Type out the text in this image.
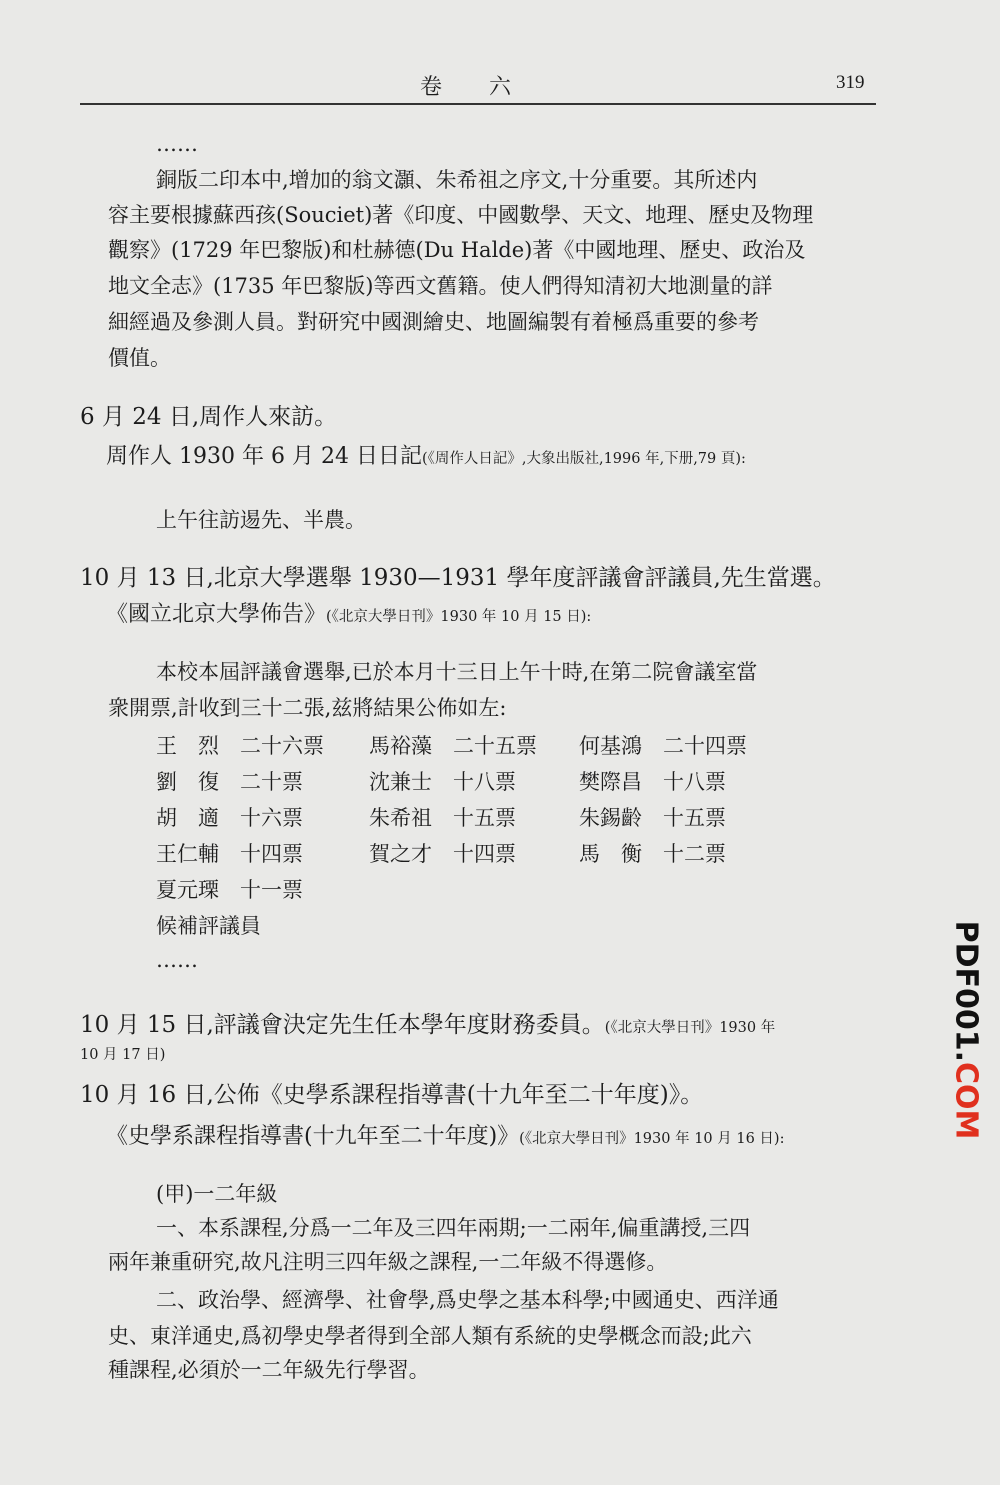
卷 六	319
……
銅版二印本中,增加的翁文灝、朱希祖之序文,十分重要。其所述内
容主要根據蘇西孩(Souciet)著《印度、中國數學、天文、地理、歷史及物理
觀察》(1729 年巴黎版)和杜赫德(Du Halde)著《中國地理、歷史、政治及
地文全志》(1735 年巴黎版)等西文舊籍。使人們得知清初大地測量的詳
細經過及參測人員。對研究中國測繪史、地圖編製有着極爲重要的參考
價值。
6 月 24 日,周作人來訪。
周作人 1930 年 6 月 24 日日記(《周作人日記》,大象出版社,1996 年,下册,79 頁):
上午往訪逷先、半農。
10 月 13 日,北京大學選舉 1930—1931 學年度評議會評議員,先生當選。
《國立北京大學佈告》(《北京大學日刊》1930 年 10 月 15 日):
本校本屆評議會選舉,已於本月十三日上午十時,在第二院會議室當
衆開票,計收到三十二張,兹將結果公佈如左:
王　烈　二十六票 馬裕藻　二十五票 何基鴻　二十四票
劉　復　二十票	沈兼士　十八票	樊際昌　十八票
胡　適　十六票	朱希祖　十五票	朱錫齡　十五票
王仁輔　十四票	賀之才　十四票	馬　衡　十二票
夏元瑮　十一票
候補評議員
……
10 月 15 日,評議會決定先生任本學年度財務委員。(《北京大學日刊》1930 年
10 月 17 日)
10 月 16 日,公佈《史學系課程指導書(十九年至二十年度)》。
《史學系課程指導書(十九年至二十年度)》(《北京大學日刊》1930 年 10 月 16 日):
(甲)一二年級
一、本系課程,分爲一二年及三四年兩期;一二兩年,偏重講授,三四
兩年兼重研究,故凡注明三四年級之課程,一二年級不得選修。
二、政治學、經濟學、社會學,爲史學之基本科學;中國通史、西洋通
史、東洋通史,爲初學史學者得到全部人類有系統的史學概念而設;此六
種課程,必須於一二年級先行學習。
PDF001.COM
